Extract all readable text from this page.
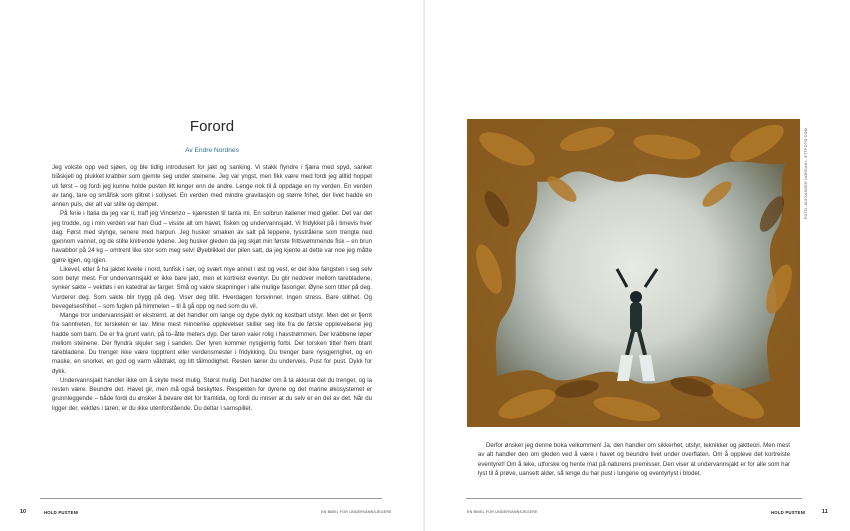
Forord
Av Endre Nordnes

Jeg vokste opp ved sjøen, og ble tidlig introdusert for jakt og sanking. Vi stakk flyndre i fjæra med spyd, sanket blåskjell og plukket krabber som gjemte seg under steinene. Jeg var yngst, men fikk være med fordi jeg alltid hoppet uti først – og fordi jeg kunne holde pusten litt lenger enn de andre. Lenge nok til å oppdage en ny verden. En verden av tang, tare og småfisk som glitret i sollyset. En verden med mindre gravitasjon og større frihet, der livet hadde en annen puls, der alt var stille og dempet.

På ferie i Italia da jeg var ti, traff jeg Vincenzo – kjæresten til tanta mi. En solbrun italiener med gjeller. Det var det jeg trodde, og i min verden var han Gud – visste alt om havet, fisken og undervannsjakt. Vi fridykket på i timevis hver dag. Først med slynge, senere med harpun. Jeg husker smaken av salt på leppene, lysstrålene som trengte ned gjennom vannet, og de stille knitrende lydene. Jeg husker gleden da jeg skjøt min første frittsvømmende fisk – en brun havabbor på 24 kg – omtrent like stor som meg selv! Øyeblikket der pilen satt, da jeg kjente at dette var noe jeg måtte gjøre igjen, og igjen.

Likevel, etter å ha jaktet kveite i nord, tunfisk i sør, og svært mye annet i øst og vest, er det ikke fangsten i seg selv som betyr mest. For undervannsjakt er ikke bare jakt, men et kortreist eventyr. Du glir nedover mellom tarebladene, synker sakte – vektløs i en katedral av farger. Små og vakre skapninger i alle mulige fasonger. Øyne som titter på deg. Vurderer deg. Som sakte blir trygg på deg. Viser deg tillit. Hverdagen forsvinner. Ingen stress. Bare stillhet. Og bevegelsesfrihet – som fuglen på himmelen – til å gå opp og ned som du vil.

Mange tror undervannsjakt er ekstremt, at det handler om lange og dype dykk og kostbart utstyr. Men det er fjernt fra sannheten, for terskelen er lav. Mine mest minnerike opplevelser skiller seg lite fra de første opplevelsene jeg hadde som barn. De er fra grunt vann, på to–åtte meters dyp. Der taren vaier rolig i havstrømmen. Der krabbene løper mellom steinene. Der flyndra skjuler seg i sanden. Der lyren kommer nysgjerrig forbi. Der torsken titter frem blant tarebladene. Du trenger ikke være topptrent eller verdensmester i fridykking. Du trenger bare nysgjerrighet, og en maske, en snorkel, en god og varm våtdrakt, og litt tålmodighet. Resten lærer du underveis. Pust for pust. Dykk for dykk.

Undervannsjakt handler ikke om å skyte mest mulig. Størst mulig. Det handler om å ta akkurat det du trenger, og la resten være. Beundre det. Havet gir, men må også beskyttes. Respekten for dyrene og det marine økosystemet er grunnleggende – både fordi du ønsker å bevare det for framtida, og fordi du innser at du selv er en del av det. Når du ligger der, vektløs i taren, er du ikke utenforstående. Du deltar i samspillet.

10	HOLD PUSTEN!	EN BIBEL FOR UNDERVANNSJEGERE	EN BIBEL FOR UNDERVANNSJEGERE	HOLD PUSTEN!	11
FOTO: ALEXANDER NORDAHL, ETTFOTO.COM

Derfor ønsker jeg denne boka velkommen! Ja, den handler om sikkerhet, utstyr, teknikker og jaktteori. Men mest av alt handler den om gleden ved å være i havet og beundre livet under overflaten. Om å oppleve det kortreiste eventyret! Om å leke, utforske og hente mat på naturens premisser. Den viser at undervannsjakt er for alle som har lyst til å prøve, uansett alder, så lenge du har pust i lungene og eventyrlyst i blodet.
